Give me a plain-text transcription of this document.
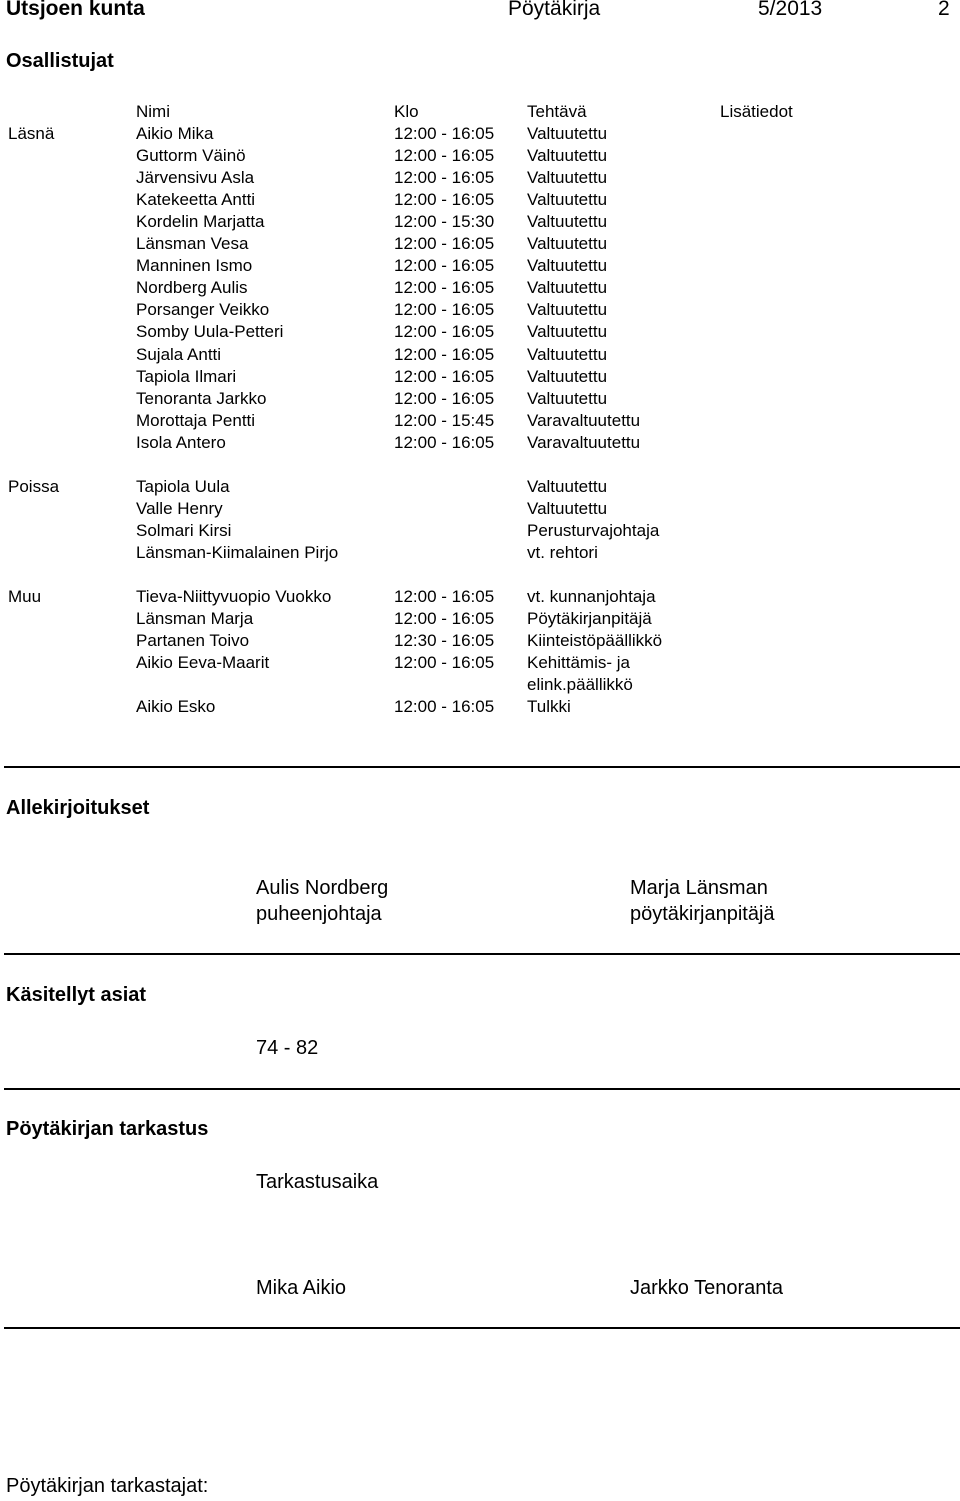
Utsjoen kunta	Pöytäkirja	5/2013	2
Osallistujat
Nimi	Klo	Tehtävä	Lisätiedot
Läsnä	Aikio Mika	12:00 - 16:05 Valtuutettu
Guttorm Väinö	12:00 - 16:05 Valtuutettu
Järvensivu Asla	12:00 - 16:05 Valtuutettu
Katekeetta Antti	12:00 - 16:05 Valtuutettu
Kordelin Marjatta	12:00 - 15:30 Valtuutettu
Länsman Vesa	12:00 - 16:05 Valtuutettu
Manninen Ismo	12:00 - 16:05 Valtuutettu
Nordberg Aulis	12:00 - 16:05 Valtuutettu
Porsanger Veikko	12:00 - 16:05 Valtuutettu
Somby Uula-Petteri	12:00 - 16:05 Valtuutettu
Sujala Antti	12:00 - 16:05 Valtuutettu
Tapiola Ilmari	12:00 - 16:05 Valtuutettu
Tenoranta Jarkko	12:00 - 16:05 Valtuutettu
Morottaja Pentti	12:00 - 15:45 Varavaltuutettu
Isola Antero	12:00 - 16:05 Varavaltuutettu
Poissa	Tapiola Uula	Valtuutettu
Valle Henry	Valtuutettu
Solmari Kirsi	Perusturvajohtaja
Länsman-Kiimalainen Pirjo	vt. rehtori
Muu	Tieva-Niittyvuopio Vuokko	12:00 - 16:05 vt. kunnanjohtaja
Länsman Marja	12:00 - 16:05 Pöytäkirjanpitäjä
Partanen Toivo	12:30 - 16:05 Kiinteistöpäällikkö
Aikio Eeva-Maarit	12:00 - 16:05 Kehittämis- ja
elink.päällikkö
Aikio Esko	12:00 - 16:05 Tulkki
Allekirjoitukset
Aulis Nordberg
puheenjohtaja
Marja Länsman
pöytäkirjanpitäjä
Käsitellyt asiat
74 - 82
Pöytäkirjan tarkastus
Tarkastusaika
Mika Aikio	Jarkko Tenoranta
Pöytäkirjan tarkastajat:
